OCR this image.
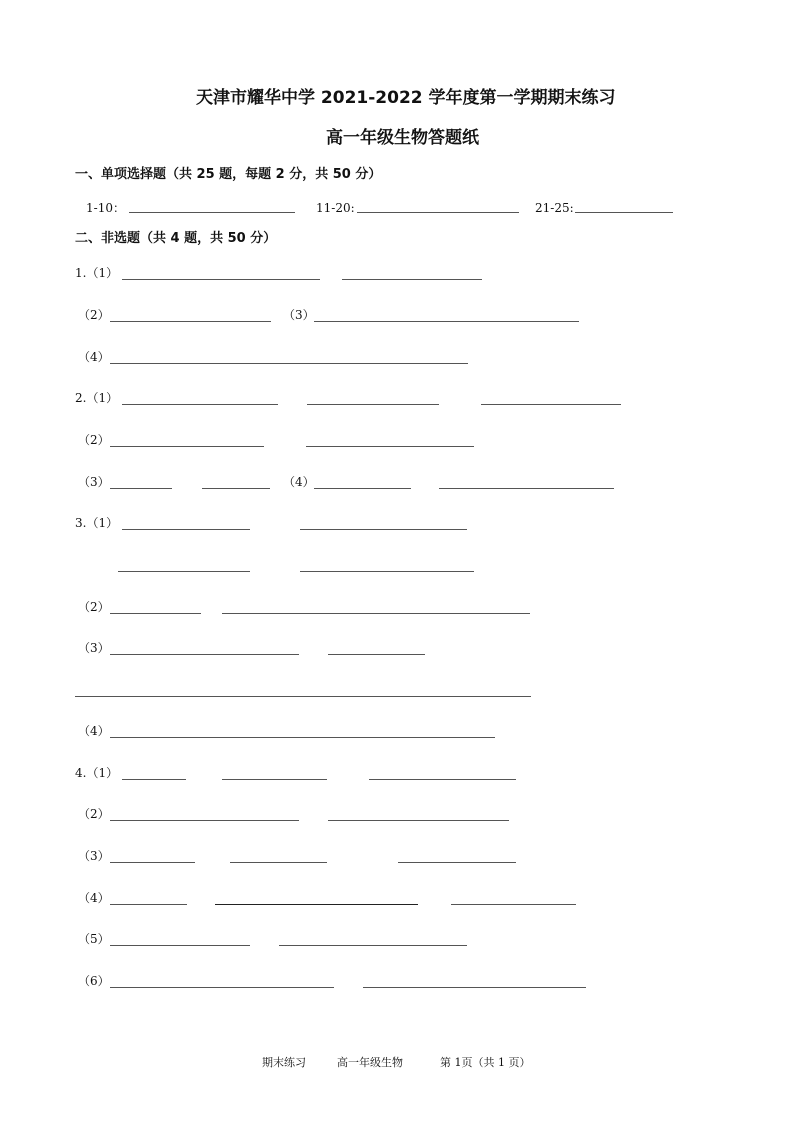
天津市耀华中学 2021-2022 学年度第一学期期末练习
高一年级生物答题纸
一、单项选择题（共 25 题，每题 2 分，共 50 分）
1-10：	11-20:	21-25:
二、非选题（共 4 题，共 50 分）
1.（1）
（2）	（3）
（4）
2.（1）
（2）
（3）	（4）
3.（1）
（2）
（3）
（4）
4.（1）
（2）
（3）
（4）
（5）
（6）
期末练习	高一年级生物	第 1页（共 1 页）
